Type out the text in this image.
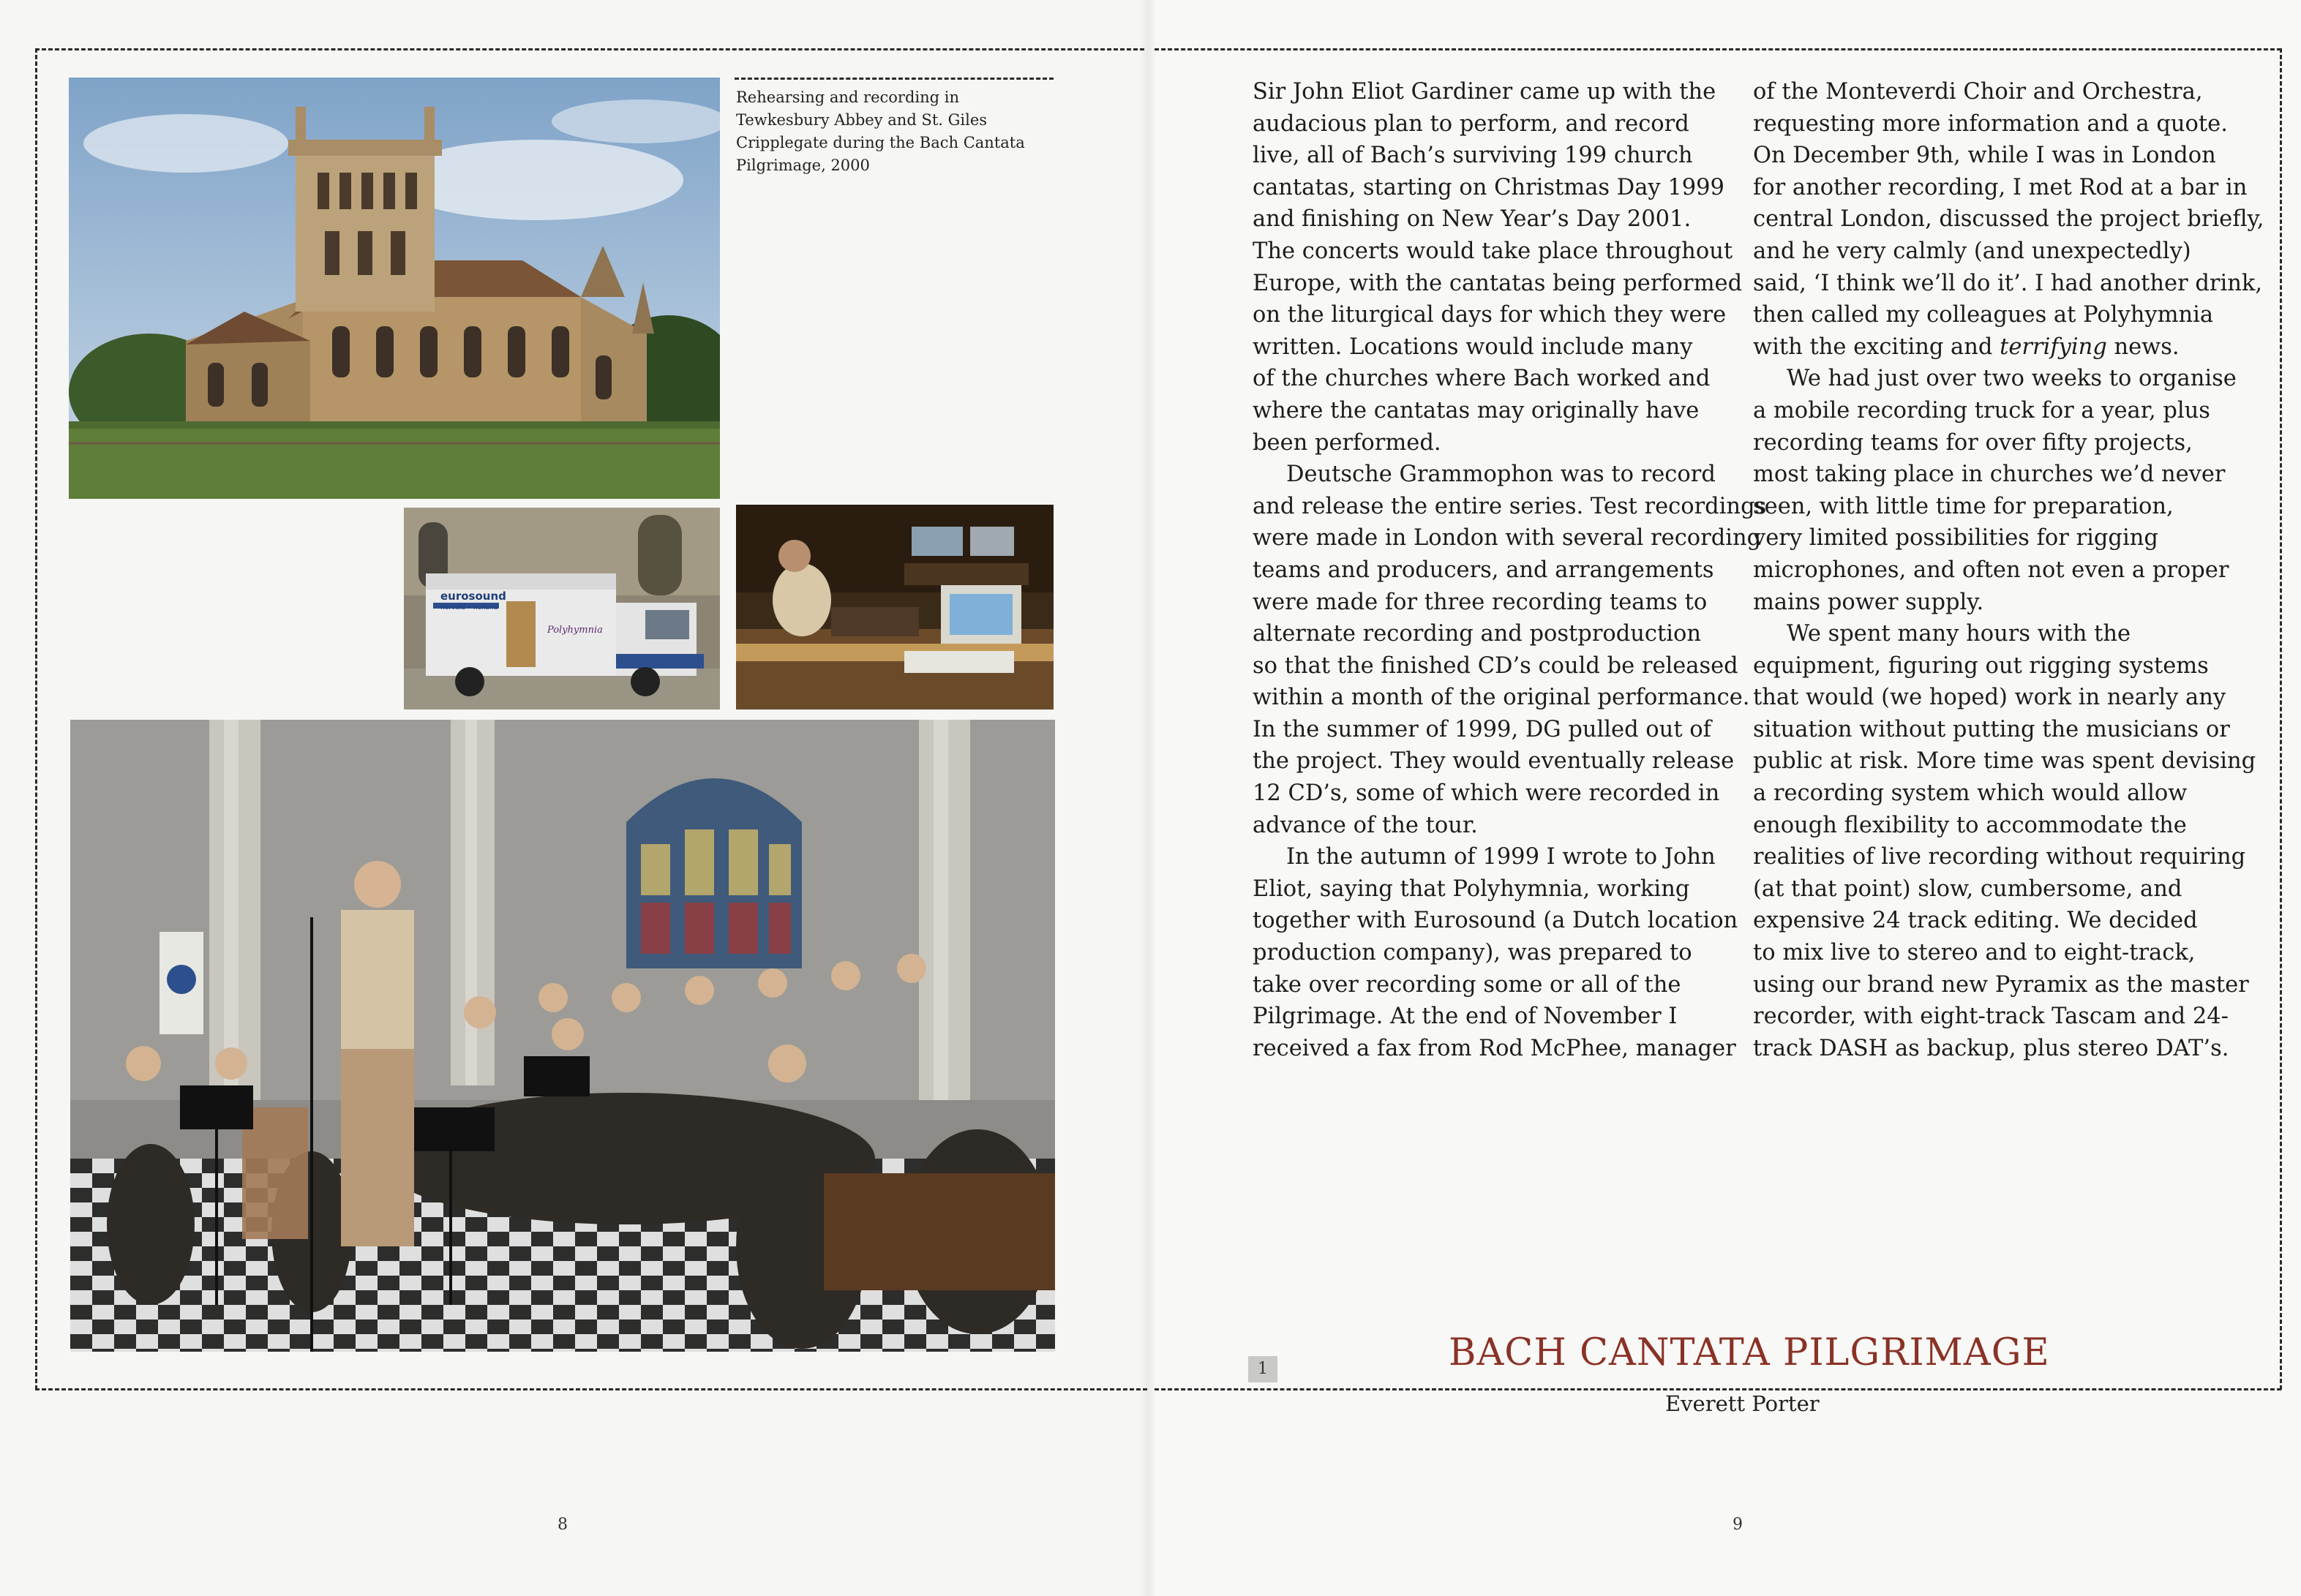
eurosound
herveld • holland
Polyhymnia
Rehearsing and recording in
Tewkesbury Abbey and St. Giles
Cripplegate during the Bach Cantata
Pilgrimage, 2000
Sir John Eliot Gardiner came up with the
audacious plan to perform, and record
live, all of Bach’s surviving 199 church
cantatas, starting on Christmas Day 1999
and finishing on New Year’s Day 2001.
The concerts would take place throughout
Europe, with the cantatas being performed
on the liturgical days for which they were
written. Locations would include many
of the churches where Bach worked and
where the cantatas may originally have
been performed.
Deutsche Grammophon was to record
and release the entire series. Test recordings
were made in London with several recording
teams and producers, and arrangements
were made for three recording teams to
alternate recording and postproduction
so that the finished CD’s could be released
within a month of the original performance.
In the summer of 1999, DG pulled out of
the project. They would eventually release
12 CD’s, some of which were recorded in
advance of the tour.
In the autumn of 1999 I wrote to John
Eliot, saying that Polyhymnia, working
together with Eurosound (a Dutch location
production company), was prepared to
take over recording some or all of the
Pilgrimage. At the end of November I
received a fax from Rod McPhee, manager
of the Monteverdi Choir and Orchestra,
requesting more information and a quote.
On December 9th, while I was in London
for another recording, I met Rod at a bar in
central London, discussed the project briefly,
and he very calmly (and unexpectedly)
said, ‘I think we’ll do it’. I had another drink,
then called my colleagues at Polyhymnia
with the exciting and terrifying news.
We had just over two weeks to organise
a mobile recording truck for a year, plus
recording teams for over fifty projects,
most taking place in churches we’d never
seen, with little time for preparation,
very limited possibilities for rigging
microphones, and often not even a proper
mains power supply.
We spent many hours with the
equipment, figuring out rigging systems
that would (we hoped) work in nearly any
situation without putting the musicians or
public at risk. More time was spent devising
a recording system which would allow
enough flexibility to accommodate the
realities of live recording without requiring
(at that point) slow, cumbersome, and
expensive 24 track editing. We decided
to mix live to stereo and to eight-track,
using our brand new Pyramix as the master
recorder, with eight-track Tascam and 24-
track DASH as backup, plus stereo DAT’s.
1	BACH CANTATA PILGRIMAGE
Everett Porter
8	9
